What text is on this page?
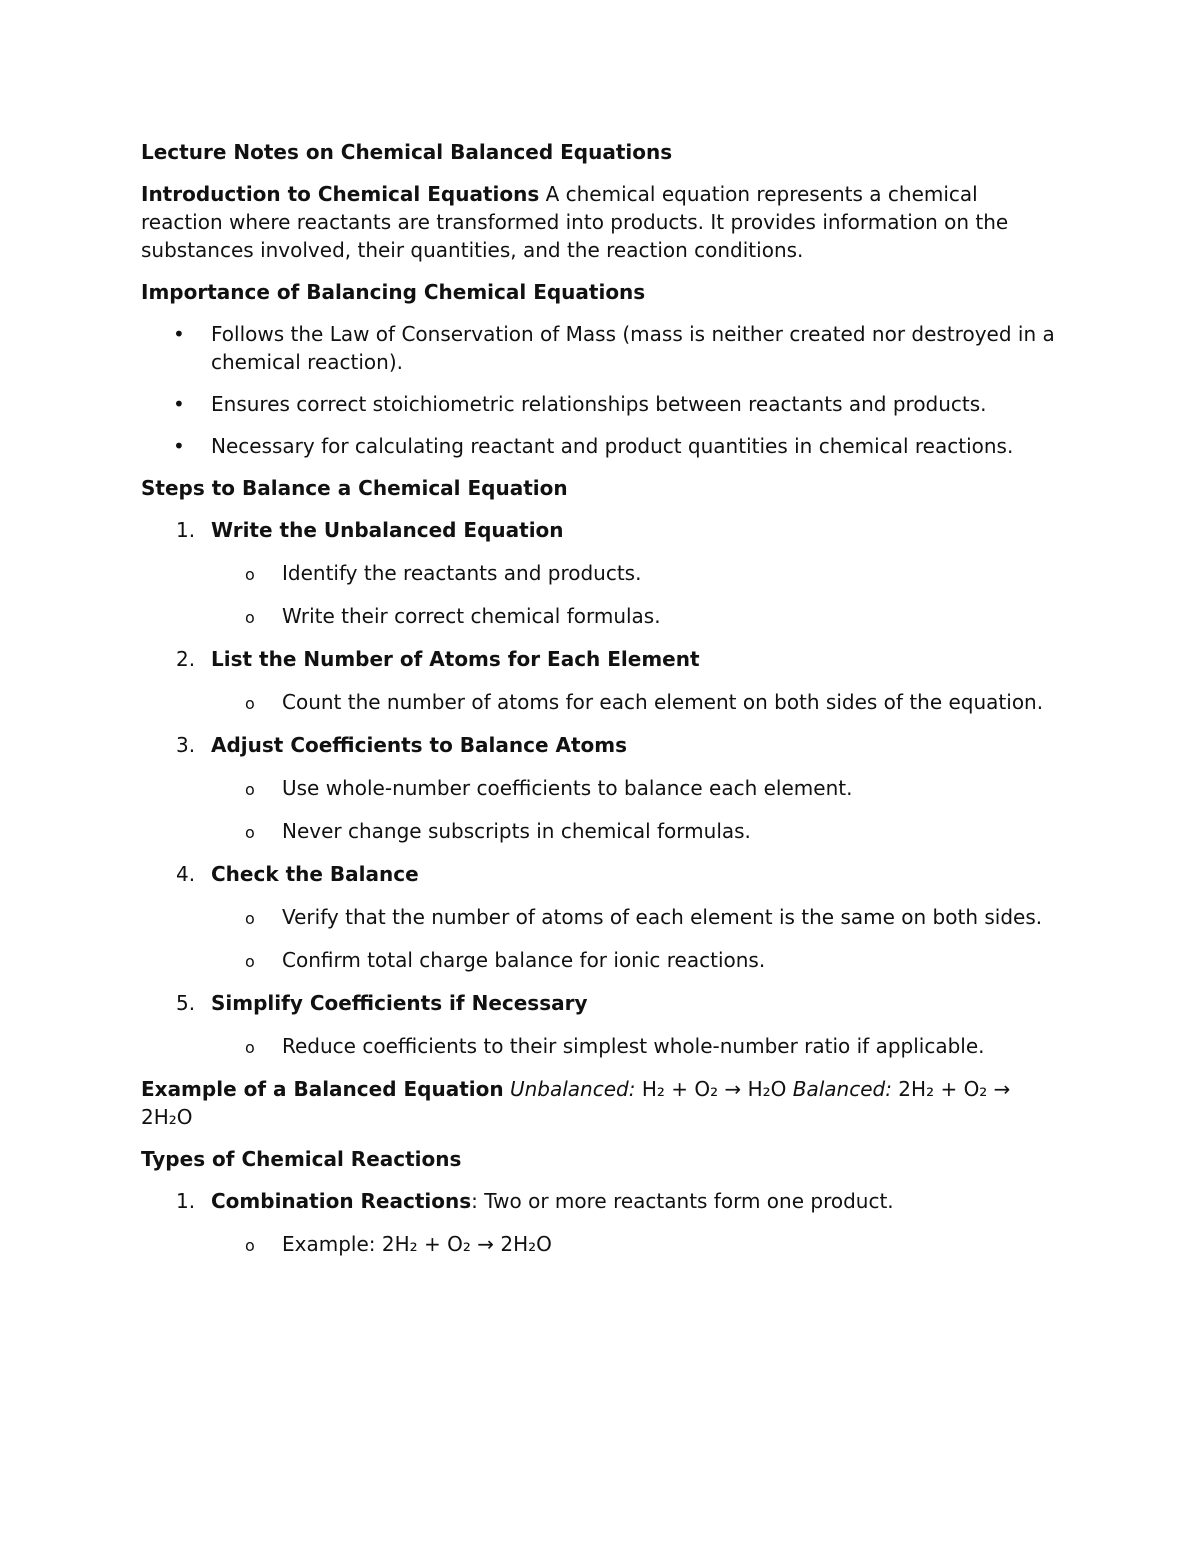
Lecture Notes on Chemical Balanced Equations

Introduction to Chemical Equations A chemical equation represents a chemical reaction where reactants are transformed into products. It provides information on the substances involved, their quantities, and the reaction conditions.

Importance of Balancing Chemical Equations

• Follows the Law of Conservation of Mass (mass is neither created nor destroyed in a chemical reaction).
• Ensures correct stoichiometric relationships between reactants and products.
• Necessary for calculating reactant and product quantities in chemical reactions.

Steps to Balance a Chemical Equation

1. Write the Unbalanced Equation
o Identify the reactants and products.
o Write their correct chemical formulas.
2. List the Number of Atoms for Each Element
o Count the number of atoms for each element on both sides of the equation.
3. Adjust Coefficients to Balance Atoms
o Use whole-number coefficients to balance each element.
o Never change subscripts in chemical formulas.
4. Check the Balance
o Verify that the number of atoms of each element is the same on both sides.
o Confirm total charge balance for ionic reactions.
5. Simplify Coefficients if Necessary
o Reduce coefficients to their simplest whole-number ratio if applicable.

Example of a Balanced Equation Unbalanced: H₂ + O₂ → H₂O Balanced: 2H₂ + O₂ → 2H₂O

Types of Chemical Reactions

1. Combination Reactions: Two or more reactants form one product.
o Example: 2H₂ + O₂ → 2H₂O
